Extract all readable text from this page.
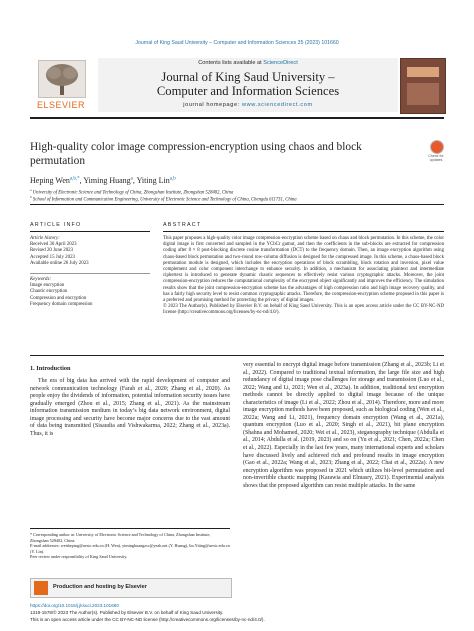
Journal of King Saud University – Computer and Information Sciences 35 (2023) 101660
ELSEVIER
Contents lists available at ScienceDirect
Journal of King Saud University –
Computer and Information Sciences
journal homepage: www.sciencedirect.com
High-quality color image compression-encryption using chaos and block permutation	Check for updates
Heping Wen$^{a,b,*}$, Yiming Huang$^a$, Yiting Lin$^{a,b}$
$^a$ University of Electronic Science and Technology of China, Zhongshan Institute, Zhongshan 528402, China
$^b$ School of Information and Communication Engineering, University of Electronic Science and Technology of China, Chengdu 611731, China
ARTICLE INFO	ABSTRACT
Article history:
Received 30 April 2023
Revised 20 June 2023
Accepted 15 July 2023
Available online 26 July 2023
Keywords:
Image encryption
Chaotic encryption
Compression and encryption
Frequency domain compression
This paper proposes a high-quality color image compression-encryption scheme based on chaos and block permutation. In this scheme, the color digital image is first converted and sampled in the YCbCr gamut, and then the coefficients in the sub-blocks are extracted for compression coding after 8 × 8 post-blocking discrete cosine transformation (DCT) to the frequency domain. Then, an image encryption algorithm using chaos-based block permutation and two-round row-column diffusion is designed for the compressed image. In this scheme, a chaos-based block permutation module is designed, which includes the encryption operations of block scrambling, block rotation and inversion, pixel value complement and color component interchange to enhance security. In addition, a mechanism for associating plaintext and intermediate ciphertext is introduced to generate dynamic chaotic sequences to effectively resist various cryptographic attacks. Moreover, the joint compression-encryption reduces the computational complexity of the encrypted object significantly and improves the efficiency. The simulation results show that the joint compression-encryption scheme has the advantages of high compression ratio and high image recovery quality, and has a fairly high security level to resist common cryptographic attacks. Therefore, the compression-encryption scheme proposed in this paper is a preferred and promising method for protecting the privacy of digital images.
© 2023 The Author(s). Published by Elsevier B.V. on behalf of King Saud University. This is an open access article under the CC BY-NC-ND license (http://creativecommons.org/licenses/by-nc-nd/4.0/).
1. Introduction
The era of big data has arrived with the rapid development of computer and network communication technology (Farah et al., 2020; Zhang et al., 2020). As people enjoy the dividends of information, potential information security issues have gradually emerged (Zhou et al., 2015; Zhang et al., 2021). As the mainstream information transmission medium in today’s big data network environment, digital image processing and security have become major concerns due to the vast amount of data being transmitted (Sisaudia and Vishwakarma, 2022; Zhang et al., 2023a). Thus, it is
very essential to encrypt digital image before transmission (Zhang et al., 2023b; Li et al., 2022). Compared to traditional textual information, the large file size and high redundancy of digital image pose challenges for storage and transmission (Luo et al., 2022; Wang and Li, 2021; Wen et al., 2023a). In addition, traditional text encryption methods cannot be directly applied to digital image because of the unique characteristics of image (Li et al., 2022; Zhou et al., 2014). Therefore, more and more image encryption methods have been proposed, such as biological coding (Wen et al., 2022a; Wang and Li, 2021), frequency domain encryption (Wang et al., 2021a), quantum encryption (Luo et al., 2020; Singh et al., 2021), bit plane encryption (Shahna and Mohamed, 2020; Wei et al., 2023), steganography technique (Abdulla et al., 2014; Abdulla et al. (2019, 2023) and so on (Yu et al., 2021; Chen, 2022a; Chen et al., 2022). Especially in the last few years, many international experts and scholars have discussed lively and achieved rich and profound results in image encryption (Gao et al., 2022a; Wang et al., 2023; Zhang et al., 2022; Chai et al., 2022a). A new encryption algorithm was proposed in 2021 which utilizes bit-level permutation and non-invertible chaotic mapping (Karawia and Elmasry, 2021). Experimental analysis shows that the proposed algorithm can resist multiple attacks. In the same
* Corresponding author at: University of Electronic Science and Technology of China, Zhongshan Institute, Zhongshan 528402, China.
E-mail addresses: wenheping@uestc.edu.cn (H. Wen), yiminghuangzsc@yeah.net (Y. Huang), lin.Yiting@uestc.edu.cn (Y. Lin).
Peer review under responsibility of King Saud University.
Production and hosting by Elsevier
https://doi.org/10.1016/j.jksuci.2023.101660
1319-1578/© 2023 The Author(s). Published by Elsevier B.V. on behalf of King Saud University.
This is an open access article under the CC BY-NC-ND license (http://creativecommons.org/licenses/by-nc-nd/4.0/).
